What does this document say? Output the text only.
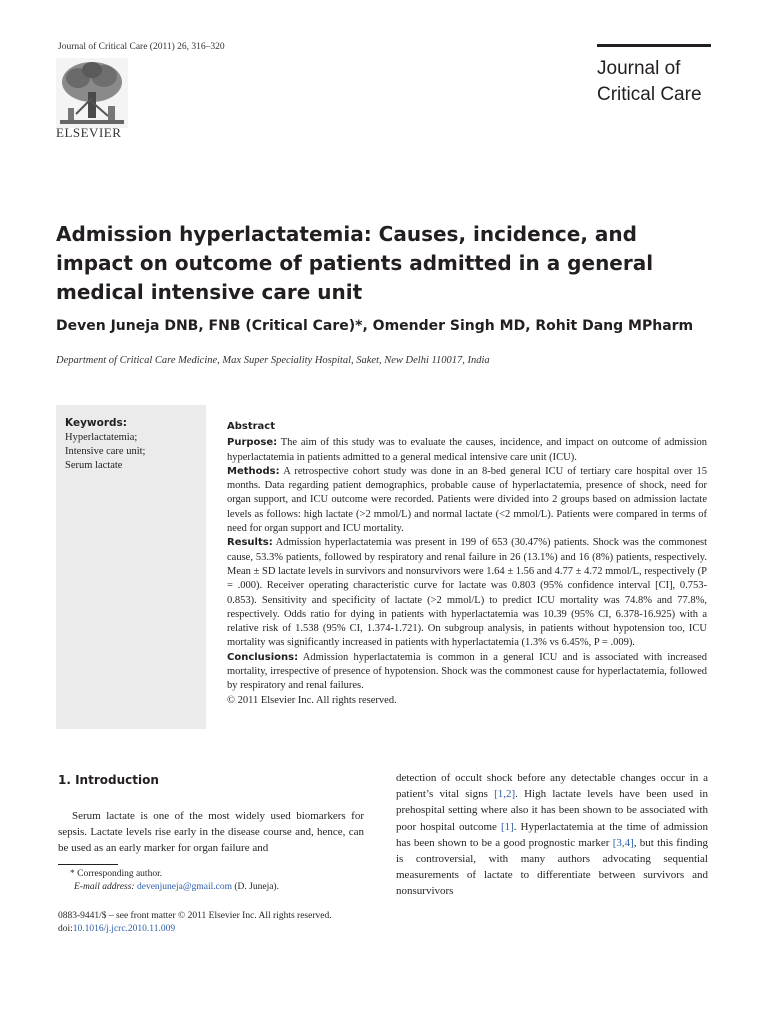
Journal of Critical Care (2011) 26, 316–320
ELSEVIER
Journal of
Critical Care
Admission hyperlactatemia: Causes, incidence, and impact on outcome of patients admitted in a general medical intensive care unit
Deven Juneja DNB, FNB (Critical Care)*, Omender Singh MD, Rohit Dang MPharm
Department of Critical Care Medicine, Max Super Speciality Hospital, Saket, New Delhi 110017, India
Keywords:
Hyperlactatemia;
Intensive care unit;
Serum lactate
Abstract

Purpose: The aim of this study was to evaluate the causes, incidence, and impact on outcome of admission hyperlactatemia in patients admitted to a general medical intensive care unit (ICU).

Methods: A retrospective cohort study was done in an 8-bed general ICU of tertiary care hospital over 15 months. Data regarding patient demographics, probable cause of hyperlactatemia, presence of shock, need for organ support, and ICU outcome were recorded. Patients were divided into 2 groups based on admission lactate levels as follows: high lactate (>2 mmol/L) and normal lactate (<2 mmol/L). Patients were compared in terms of need for organ support and ICU mortality.

Results: Admission hyperlactatemia was present in 199 of 653 (30.47%) patients. Shock was the commonest cause, 53.3% patients, followed by respiratory and renal failure in 26 (13.1%) and 16 (8%) patients, respectively. Mean ± SD lactate levels in survivors and nonsurvivors were 1.64 ± 1.56 and 4.77 ± 4.72 mmol/L, respectively (P = .000). Receiver operating characteristic curve for lactate was 0.803 (95% confidence interval [CI], 0.753-0.853). Sensitivity and specificity of lactate (>2 mmol/L) to predict ICU mortality was 74.8% and 77.8%, respectively. Odds ratio for dying in patients with hyperlactatemia was 10.39 (95% CI, 6.378-16.925) with a relative risk of 1.538 (95% CI, 1.374-1.721). On subgroup analysis, in patients without hypotension too, ICU mortality was significantly increased in patients with hyperlactatemia (1.3% vs 6.45%, P = .009).

Conclusions: Admission hyperlactatemia is common in a general ICU and is associated with increased mortality, irrespective of presence of hypotension. Shock was the commonest cause for hyperlactatemia, followed by respiratory and renal failures.

© 2011 Elsevier Inc. All rights reserved.

1. Introduction

Serum lactate is one of the most widely used biomarkers for sepsis. Lactate levels rise early in the disease course and, hence, can be used as an early marker for organ failure and

* Corresponding author.
E-mail address: devenjuneja@gmail.com (D. Juneja).
0883-9441/$ – see front matter © 2011 Elsevier Inc. All rights reserved.
doi:10.1016/j.jcrc.2010.11.009

detection of occult shock before any detectable changes occur in a patient’s vital signs [1,2]. High lactate levels have been used in prehospital setting where also it has been shown to be associated with poor hospital outcome [1]. Hyperlactatemia at the time of admission has been shown to be a good prognostic marker [3,4], but this finding is controversial, with many authors advocating sequential measurements of lactate to differentiate between survivors and nonsurvivors
